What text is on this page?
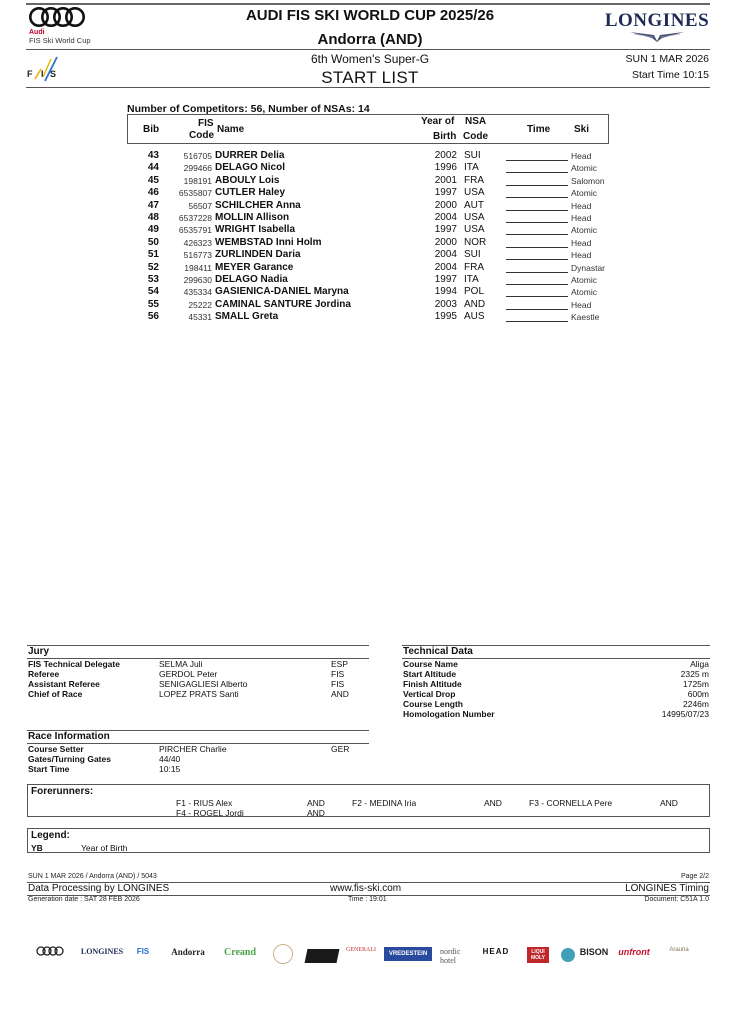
Audi
FIS Ski World Cup
AUDI FIS SKI WORLD CUP 2025/26
Andorra (AND)
LONGINES
F I S
6th Women's Super-G
START LIST
SUN 1 MAR 2026
Start Time 10:15
Number of Competitors: 56, Number of NSAs: 14
Bib
FIS
Code
Name
Year of
Birth
NSA
Code
Time Ski
43	516705 DURRER Delia	2002 SUI	Head
44	299466 DELAGO Nicol	1996 ITA	Atomic
45	198191 ABOULY Lois	2001 FRA	Salomon
46	6535807 CUTLER Haley	1997 USA	Atomic
47	56507 SCHILCHER Anna	2000 AUT	Head
48	6537228 MOLLIN Allison	2004 USA	Head
49	6535791 WRIGHT Isabella	1997 USA	Atomic
50	426323 WEMBSTAD Inni Holm	2000 NOR	Head
51	516773 ZURLINDEN Daria	2004 SUI	Head
52	198411 MEYER Garance	2004 FRA	Dynastar
53	299630 DELAGO Nadia	1997 ITA	Atomic
54	435334 GASIENICA-DANIEL Maryna	1994 POL	Atomic
55	25222 CAMINAL SANTURE Jordina	2003 AND	Head
56	45331 SMALL Greta	1995 AUS	Kaestle
Jury
FIS Technical Delegate	SELMA Juli	ESP
Referee	GERDOL Peter	FIS
Assistant Referee	SENIGAGLIESI Alberto	FIS
Chief of Race	LOPEZ PRATS Santi	AND
Race Information
Course Setter	PIRCHER Charlie	GER
Gates/Turning Gates	44/40
Start Time	10:15
Technical Data
Course Name	Aliga
Start Altitude	2325 m
Finish Altitude	1725m
Vertical Drop	600m
Course Length	2246m
Homologation Number	14995/07/23
Forerunners:
F1 - RIUS Alex	AND	F2 - MEDINA Iria	AND	F3 - CORNELLA Pere	AND
F4 - ROGEL Jordi	AND
Legend:
YB	Year of Birth
SUN 1 MAR 2026 / Andorra (AND) / 5043	Page 2/2
Data Processing by LONGINES	www.fis-ski.com	LONGINES Timing
Generation date : SAT 28 FEB 2026	Time : 19:01	Document: C51A 1.0
LONGINES	FIS	Andorra	Creand	GENERALI
VREDESTEIN	nordic hotel
HEAD	LIQUI MOLY
BISON	unfront	Arauna
